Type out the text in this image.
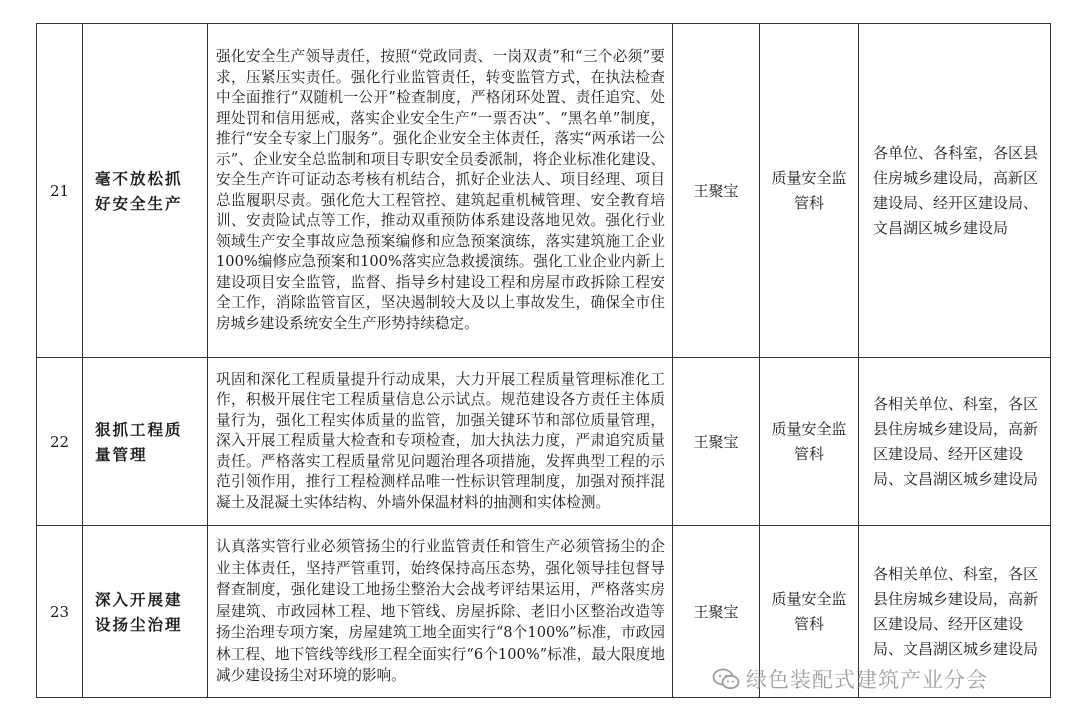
21	毫不放松抓好安全生产	强化安全生产领导责任，按照“党政同责、一岗双责”和“三个必须”要求，压紧压实责任。强化行业监管责任，转变监管方式，在执法检查中全面推行“双随机一公开”检查制度，严格闭环处置、责任追究、处理处罚和信用惩戒，落实企业安全生产“一票否决”、“黑名单”制度，推行“安全专家上门服务”。强化企业安全主体责任，落实“两承诺一公示”、企业安全总监制和项目专职安全员委派制，将企业标准化建设、安全生产许可证动态考核有机结合，抓好企业法人、项目经理、项目总监履职尽责。强化危大工程管控、建筑起重机械管理、安全教育培训、安责险试点等工作，推动双重预防体系建设落地见效。强化行业领域生产安全事故应急预案编修和应急预案演练，落实建筑施工企业100%编修应急预案和100%落实应急救援演练。强化工业企业内新上建设项目安全监管，监督、指导乡村建设工程和房屋市政拆除工程安全工作，消除监管盲区，坚决遏制较大及以上事故发生，确保全市住房城乡建设系统安全生产形势持续稳定。	王聚宝	质量安全监管科	各单位、各科室，各区县住房城乡建设局，高新区建设局、经开区建设局、文昌湖区城乡建设局
22	狠抓工程质量管理	巩固和深化工程质量提升行动成果，大力开展工程质量管理标准化工作，积极开展住宅工程质量信息公示试点。规范建设各方责任主体质量行为，强化工程实体质量的监管，加强关键环节和部位质量管理，深入开展工程质量大检查和专项检查，加大执法力度，严肃追究质量责任。严格落实工程质量常见问题治理各项措施，发挥典型工程的示范引领作用，推行工程检测样品唯一性标识管理制度，加强对预拌混凝土及混凝土实体结构、外墙外保温材料的抽测和实体检测。	王聚宝	质量安全监管科	各相关单位、科室，各区县住房城乡建设局，高新区建设局、经开区建设局、文昌湖区城乡建设局
23	深入开展建设扬尘治理	认真落实管行业必须管扬尘的行业监管责任和管生产必须管扬尘的企业主体责任，坚持严管重罚，始终保持高压态势，强化领导挂包督导督查制度，强化建设工地扬尘整治大会战考评结果运用，严格落实房屋建筑、市政园林工程、地下管线、房屋拆除、老旧小区整治改造等扬尘治理专项方案，房屋建筑工地全面实行“8个100%”标准，市政园林工程、地下管线等线形工程全面实行“6个100%”标准，最大限度地减少建设扬尘对环境的影响。	王聚宝	质量安全监管科	各相关单位、科室，各区县住房城乡建设局，高新区建设局、经开区建设局、文昌湖区城乡建设局
绿色装配式建筑产业分会
